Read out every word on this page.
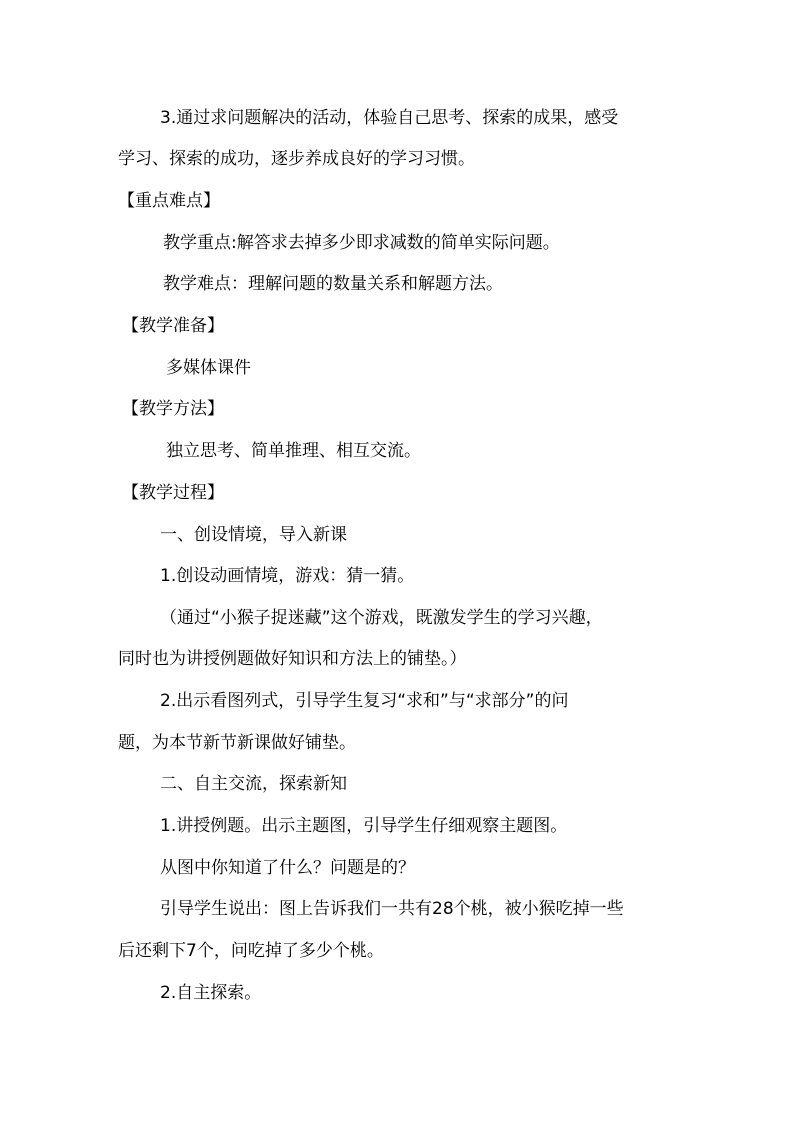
3.通过求问题解决的活动，体验自己思考、探索的成果，感受
学习、探索的成功，逐步养成良好的学习习惯。
【重点难点】
教学重点:解答求去掉多少即求减数的简单实际问题。
教学难点：理解问题的数量关系和解题方法。
【教学准备】
多媒体课件
【教学方法】
独立思考、简单推理、相互交流。
【教学过程】
一、创设情境，导入新课
1.创设动画情境，游戏：猜一猜。
（通过“小猴子捉迷藏”这个游戏，既激发学生的学习兴趣，
同时也为讲授例题做好知识和方法上的铺垫。）
2.出示看图列式，引导学生复习“求和”与“求部分”的问
题，为本节新节新课做好铺垫。
二、自主交流，探索新知
1.讲授例题。出示主题图，引导学生仔细观察主题图。
从图中你知道了什么？问题是的？
引导学生说出：图上告诉我们一共有28个桃，被小猴吃掉一些
后还剩下7个，问吃掉了多少个桃。
2.自主探索。
